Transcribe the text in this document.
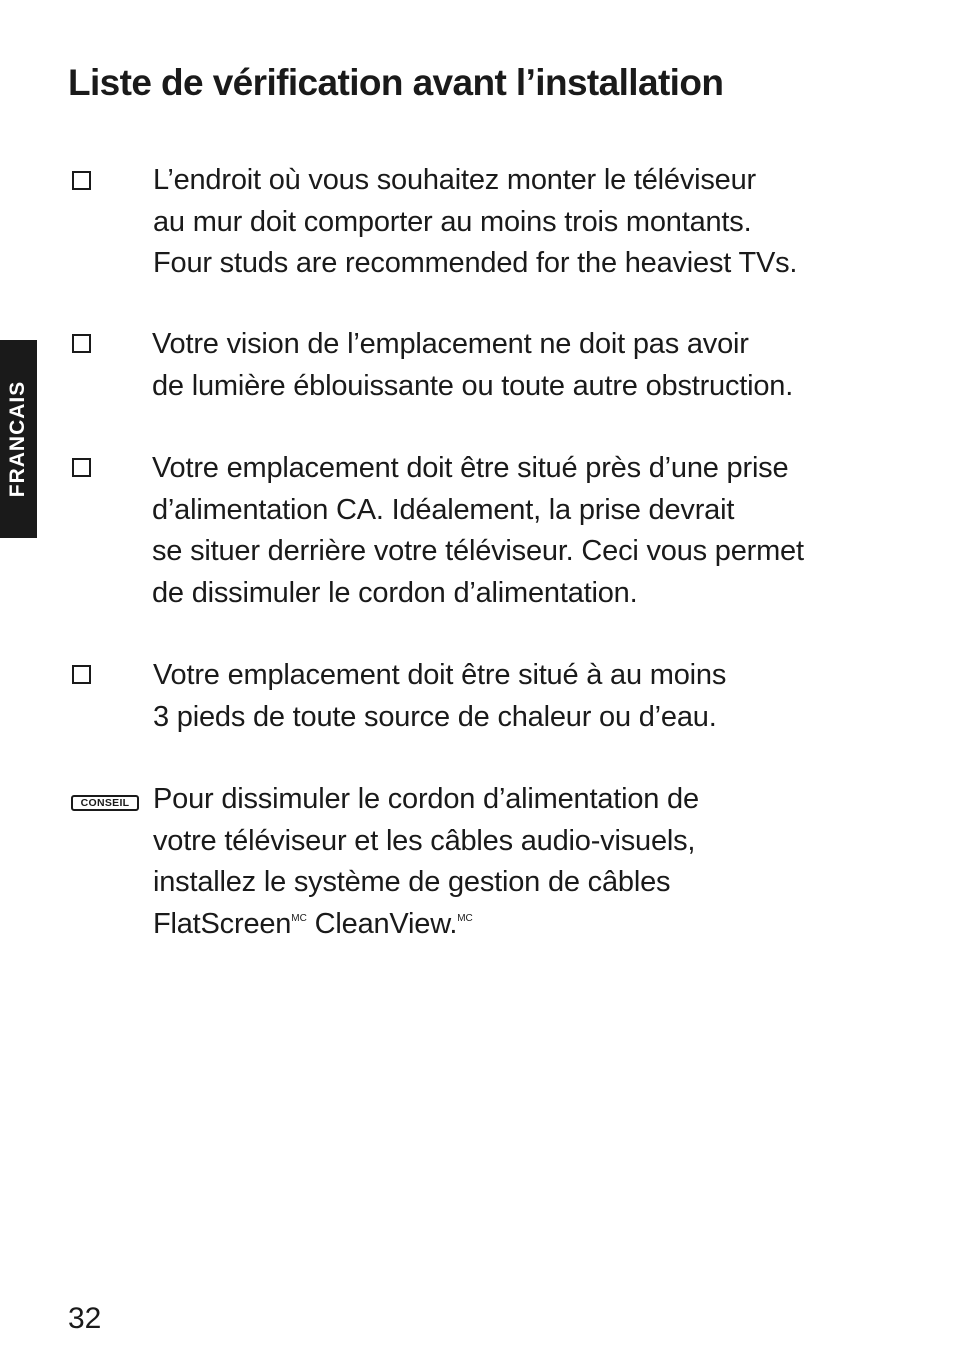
Liste de vérification avant l’installation
FRANCAIS
L’endroit où vous souhaitez monter le téléviseur
au mur doit comporter au moins trois montants.
Four studs are recommended for the heaviest TVs.
Votre vision de l’emplacement ne doit pas avoir
de lumière éblouissante ou toute autre obstruction.
Votre emplacement doit être situé près d’une prise
d’alimentation CA. Idéalement, la prise devrait
se situer derrière votre téléviseur. Ceci vous permet
de dissimuler le cordon d’alimentation.
Votre emplacement doit être situé à au moins
3 pieds de toute source de chaleur ou d’eau.
CONSEIL Pour dissimuler le cordon d’alimentation de
votre téléviseur et les câbles audio-visuels,
installez le système de gestion de câbles
FlatScreen$^{MC}$ CleanView.$^{MC}$
32
